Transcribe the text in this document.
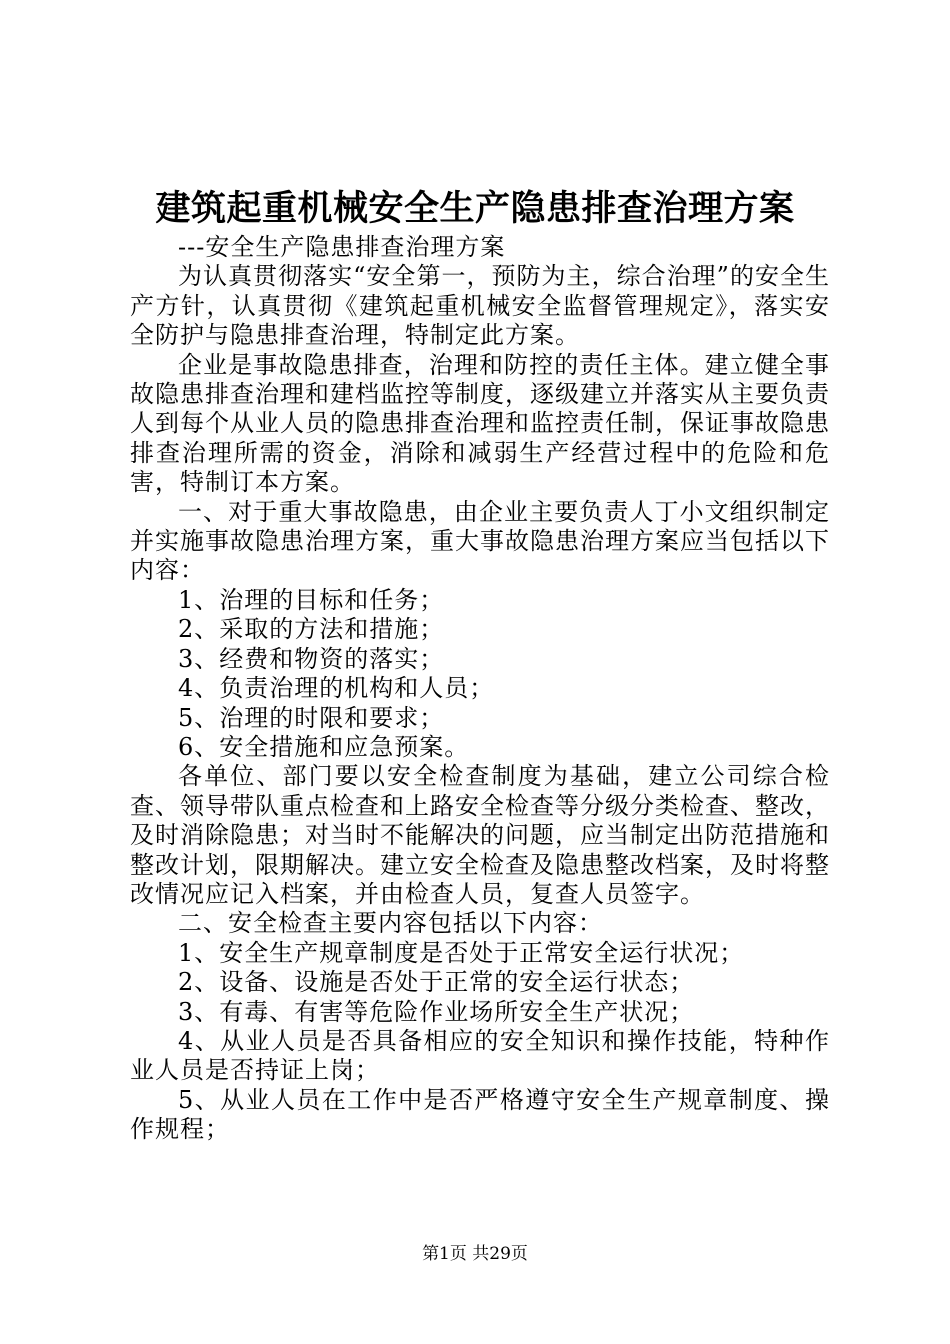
建筑起重机械安全生产隐患排查治理方案

---安全生产隐患排查治理方案

为认真贯彻落实“安全第一，预防为主，综合治理”的安全生产方针，认真贯彻《建筑起重机械安全监督管理规定》，落实安全防护与隐患排查治理，特制定此方案。

企业是事故隐患排查，治理和防控的责任主体。建立健全事故隐患排查治理和建档监控等制度，逐级建立并落实从主要负责人到每个从业人员的隐患排查治理和监控责任制，保证事故隐患排查治理所需的资金，消除和减弱生产经营过程中的危险和危害，特制订本方案。

一、对于重大事故隐患，由企业主要负责人丁小文组织制定并实施事故隐患治理方案，重大事故隐患治理方案应当包括以下内容：

1、治理的目标和任务；

2、采取的方法和措施；

3、经费和物资的落实；

4、负责治理的机构和人员；

5、治理的时限和要求；

6、安全措施和应急预案。

各单位、部门要以安全检查制度为基础，建立公司综合检查、领导带队重点检查和上路安全检查等分级分类检查、整改，及时消除隐患；对当时不能解决的问题，应当制定出防范措施和整改计划，限期解决。建立安全检查及隐患整改档案，及时将整改情况应记入档案，并由检查人员，复查人员签字。

二、安全检查主要内容包括以下内容：

1、安全生产规章制度是否处于正常安全运行状况；

2、设备、设施是否处于正常的安全运行状态；

3、有毒、有害等危险作业场所安全生产状况；

4、从业人员是否具备相应的安全知识和操作技能，特种作业人员是否持证上岗；

5、从业人员在工作中是否严格遵守安全生产规章制度、操作规程；

第1页 共29页
